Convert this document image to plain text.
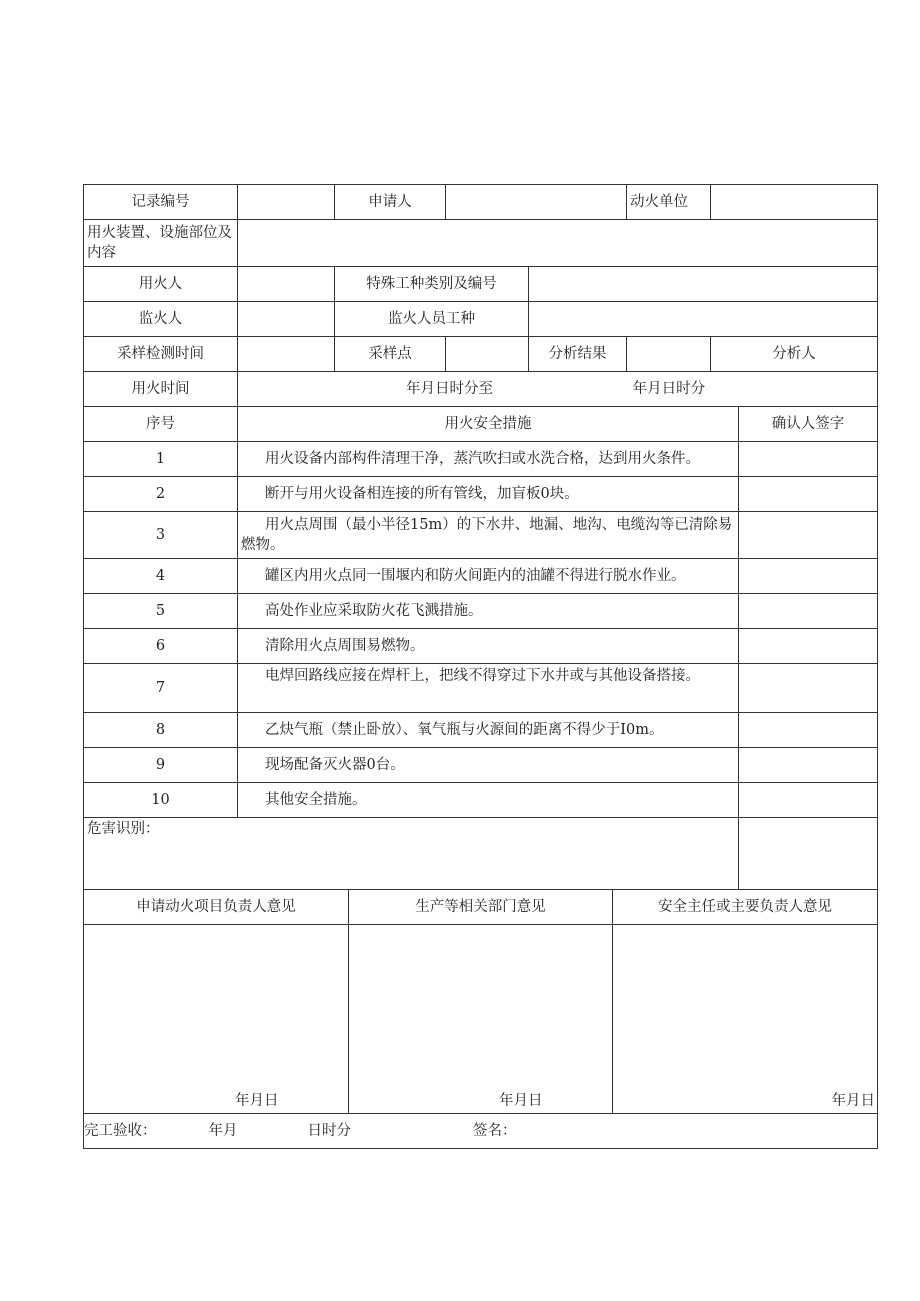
记录编号		申请人			动火单位		
用火装置、设施部位及内容							
用火人		特殊工种类别及编号					
监火人		监火人员工种					
采样检测时间		采样点		分析结果		分析人	
用火时间	年月日时分至 年月日时分						
序号	用火安全措施						确认人签字
1	用火设备内部构件清理干净，蒸汽吹扫或水洗合格，达到用火条件。						
2	断开与用火设备相连接的所有管线，加盲板0块。						
3	用火点周围（最小半径15m）的下水井、地漏、地沟、电缆沟等已清除易燃物。						
4	罐区内用火点同一围堰内和防火间距内的油罐不得进行脱水作业。						
5	高处作业应采取防火花飞溅措施。						
6	清除用火点周围易燃物。						
7	电焊回路线应接在焊杆上，把线不得穿过下水井或与其他设备搭接。						
8	乙炔气瓶（禁止卧放）、氧气瓶与火源间的距离不得少于I0m。						
9	现场配备灭火器0台。						
10	其他安全措施。						
危害识别：							
申请动火项目负责人意见	生产等相关部门意见	安全主任或主要负责人意见

年月日	年月日	年月日

完工验收： 年月 日时分 签名：		
